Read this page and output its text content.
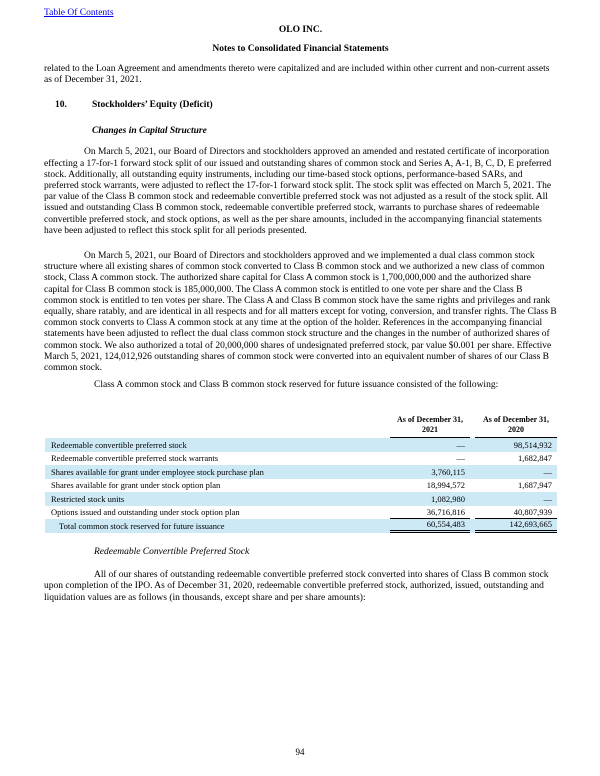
Table Of Contents
OLO INC.
Notes to Consolidated Financial Statements
related to the Loan Agreement and amendments thereto were capitalized and are included within other current and non-current assets as of December 31, 2021.
10.	Stockholders’ Equity (Deficit)
Changes in Capital Structure
On March 5, 2021, our Board of Directors and stockholders approved an amended and restated certificate of incorporation effecting a 17-for-1 forward stock split of our issued and outstanding shares of common stock and Series A, A-1, B, C, D, E preferred stock. Additionally, all outstanding equity instruments, including our time-based stock options, performance-based SARs, and preferred stock warrants, were adjusted to reflect the 17-for-1 forward stock split. The stock split was effected on March 5, 2021. The par value of the Class B common stock and redeemable convertible preferred stock was not adjusted as a result of the stock split. All issued and outstanding Class B common stock, redeemable convertible preferred stock, warrants to purchase shares of redeemable convertible preferred stock, and stock options, as well as the per share amounts, included in the accompanying financial statements have been adjusted to reflect this stock split for all periods presented.
On March 5, 2021, our Board of Directors and stockholders approved and we implemented a dual class common stock structure where all existing shares of common stock converted to Class B common stock and we authorized a new class of common stock, Class A common stock. The authorized share capital for Class A common stock is 1,700,000,000 and the authorized share capital for Class B common stock is 185,000,000. The Class A common stock is entitled to one vote per share and the Class B common stock is entitled to ten votes per share. The Class A and Class B common stock have the same rights and privileges and rank equally, share ratably, and are identical in all respects and for all matters except for voting, conversion, and transfer rights. The Class B common stock converts to Class A common stock at any time at the option of the holder. References in the accompanying financial statements have been adjusted to reflect the dual class common stock structure and the changes in the number of authorized shares of common stock. We also authorized a total of 20,000,000 shares of undesignated preferred stock, par value $0.001 per share. Effective March 5, 2021, 124,012,926 outstanding shares of common stock were converted into an equivalent number of shares of our Class B common stock.
Class A common stock and Class B common stock reserved for future issuance consisted of the following:
As of December 31,
2021
As of December 31,
2020
Redeemable convertible preferred stock	—	98,514,932
Redeemable convertible preferred stock warrants	—	1,682,847
Shares available for grant under employee stock purchase plan	3,760,115	—
Shares available for grant under stock option plan	18,994,572	1,687,947
Restricted stock units	1,082,980	—
Options issued and outstanding under stock option plan	36,716,816	40,807,939
Total common stock reserved for future issuance	60,554,483	142,693,665
Redeemable Convertible Preferred Stock
All of our shares of outstanding redeemable convertible preferred stock converted into shares of Class B common stock upon completion of the IPO. As of December 31, 2020, redeemable convertible preferred stock, authorized, issued, outstanding and liquidation values are as follows (in thousands, except share and per share amounts):
94
